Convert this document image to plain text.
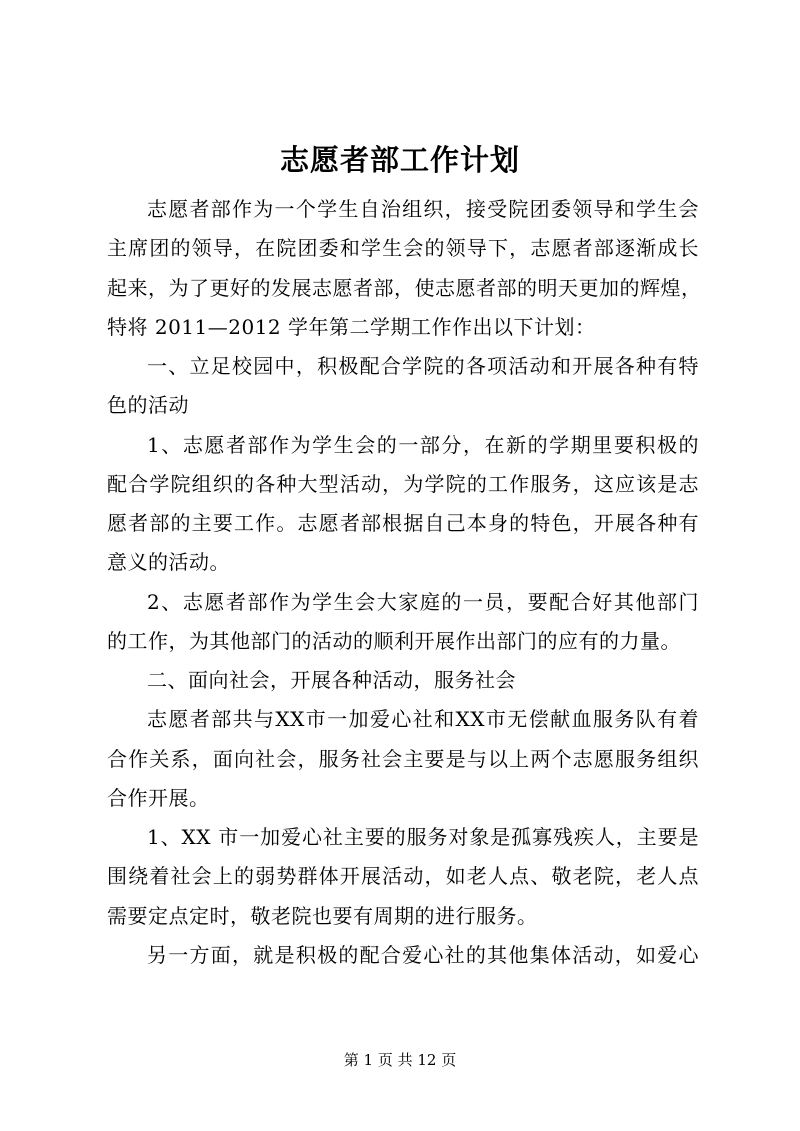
志愿者部工作计划
志愿者部作为一个学生自治组织，接受院团委领导和学生会
主席团的领导，在院团委和学生会的领导下，志愿者部逐渐成长
起来，为了更好的发展志愿者部，使志愿者部的明天更加的辉煌，
特将 2011—2012 学年第二学期工作作出以下计划：
一、立足校园中，积极配合学院的各项活动和开展各种有特
色的活动
1、志愿者部作为学生会的一部分，在新的学期里要积极的
配合学院组织的各种大型活动，为学院的工作服务，这应该是志
愿者部的主要工作。志愿者部根据自己本身的特色，开展各种有
意义的活动。
2、志愿者部作为学生会大家庭的一员，要配合好其他部门
的工作，为其他部门的活动的顺利开展作出部门的应有的力量。
二、面向社会，开展各种活动，服务社会
志愿者部共与XX市一加爱心社和XX市无偿献血服务队有着
合作关系，面向社会，服务社会主要是与以上两个志愿服务组织
合作开展。
1、XX 市一加爱心社主要的服务对象是孤寡残疾人，主要是
围绕着社会上的弱势群体开展活动，如老人点、敬老院，老人点
需要定点定时，敬老院也要有周期的进行服务。
另一方面，就是积极的配合爱心社的其他集体活动，如爱心
第 1 页 共 12 页
